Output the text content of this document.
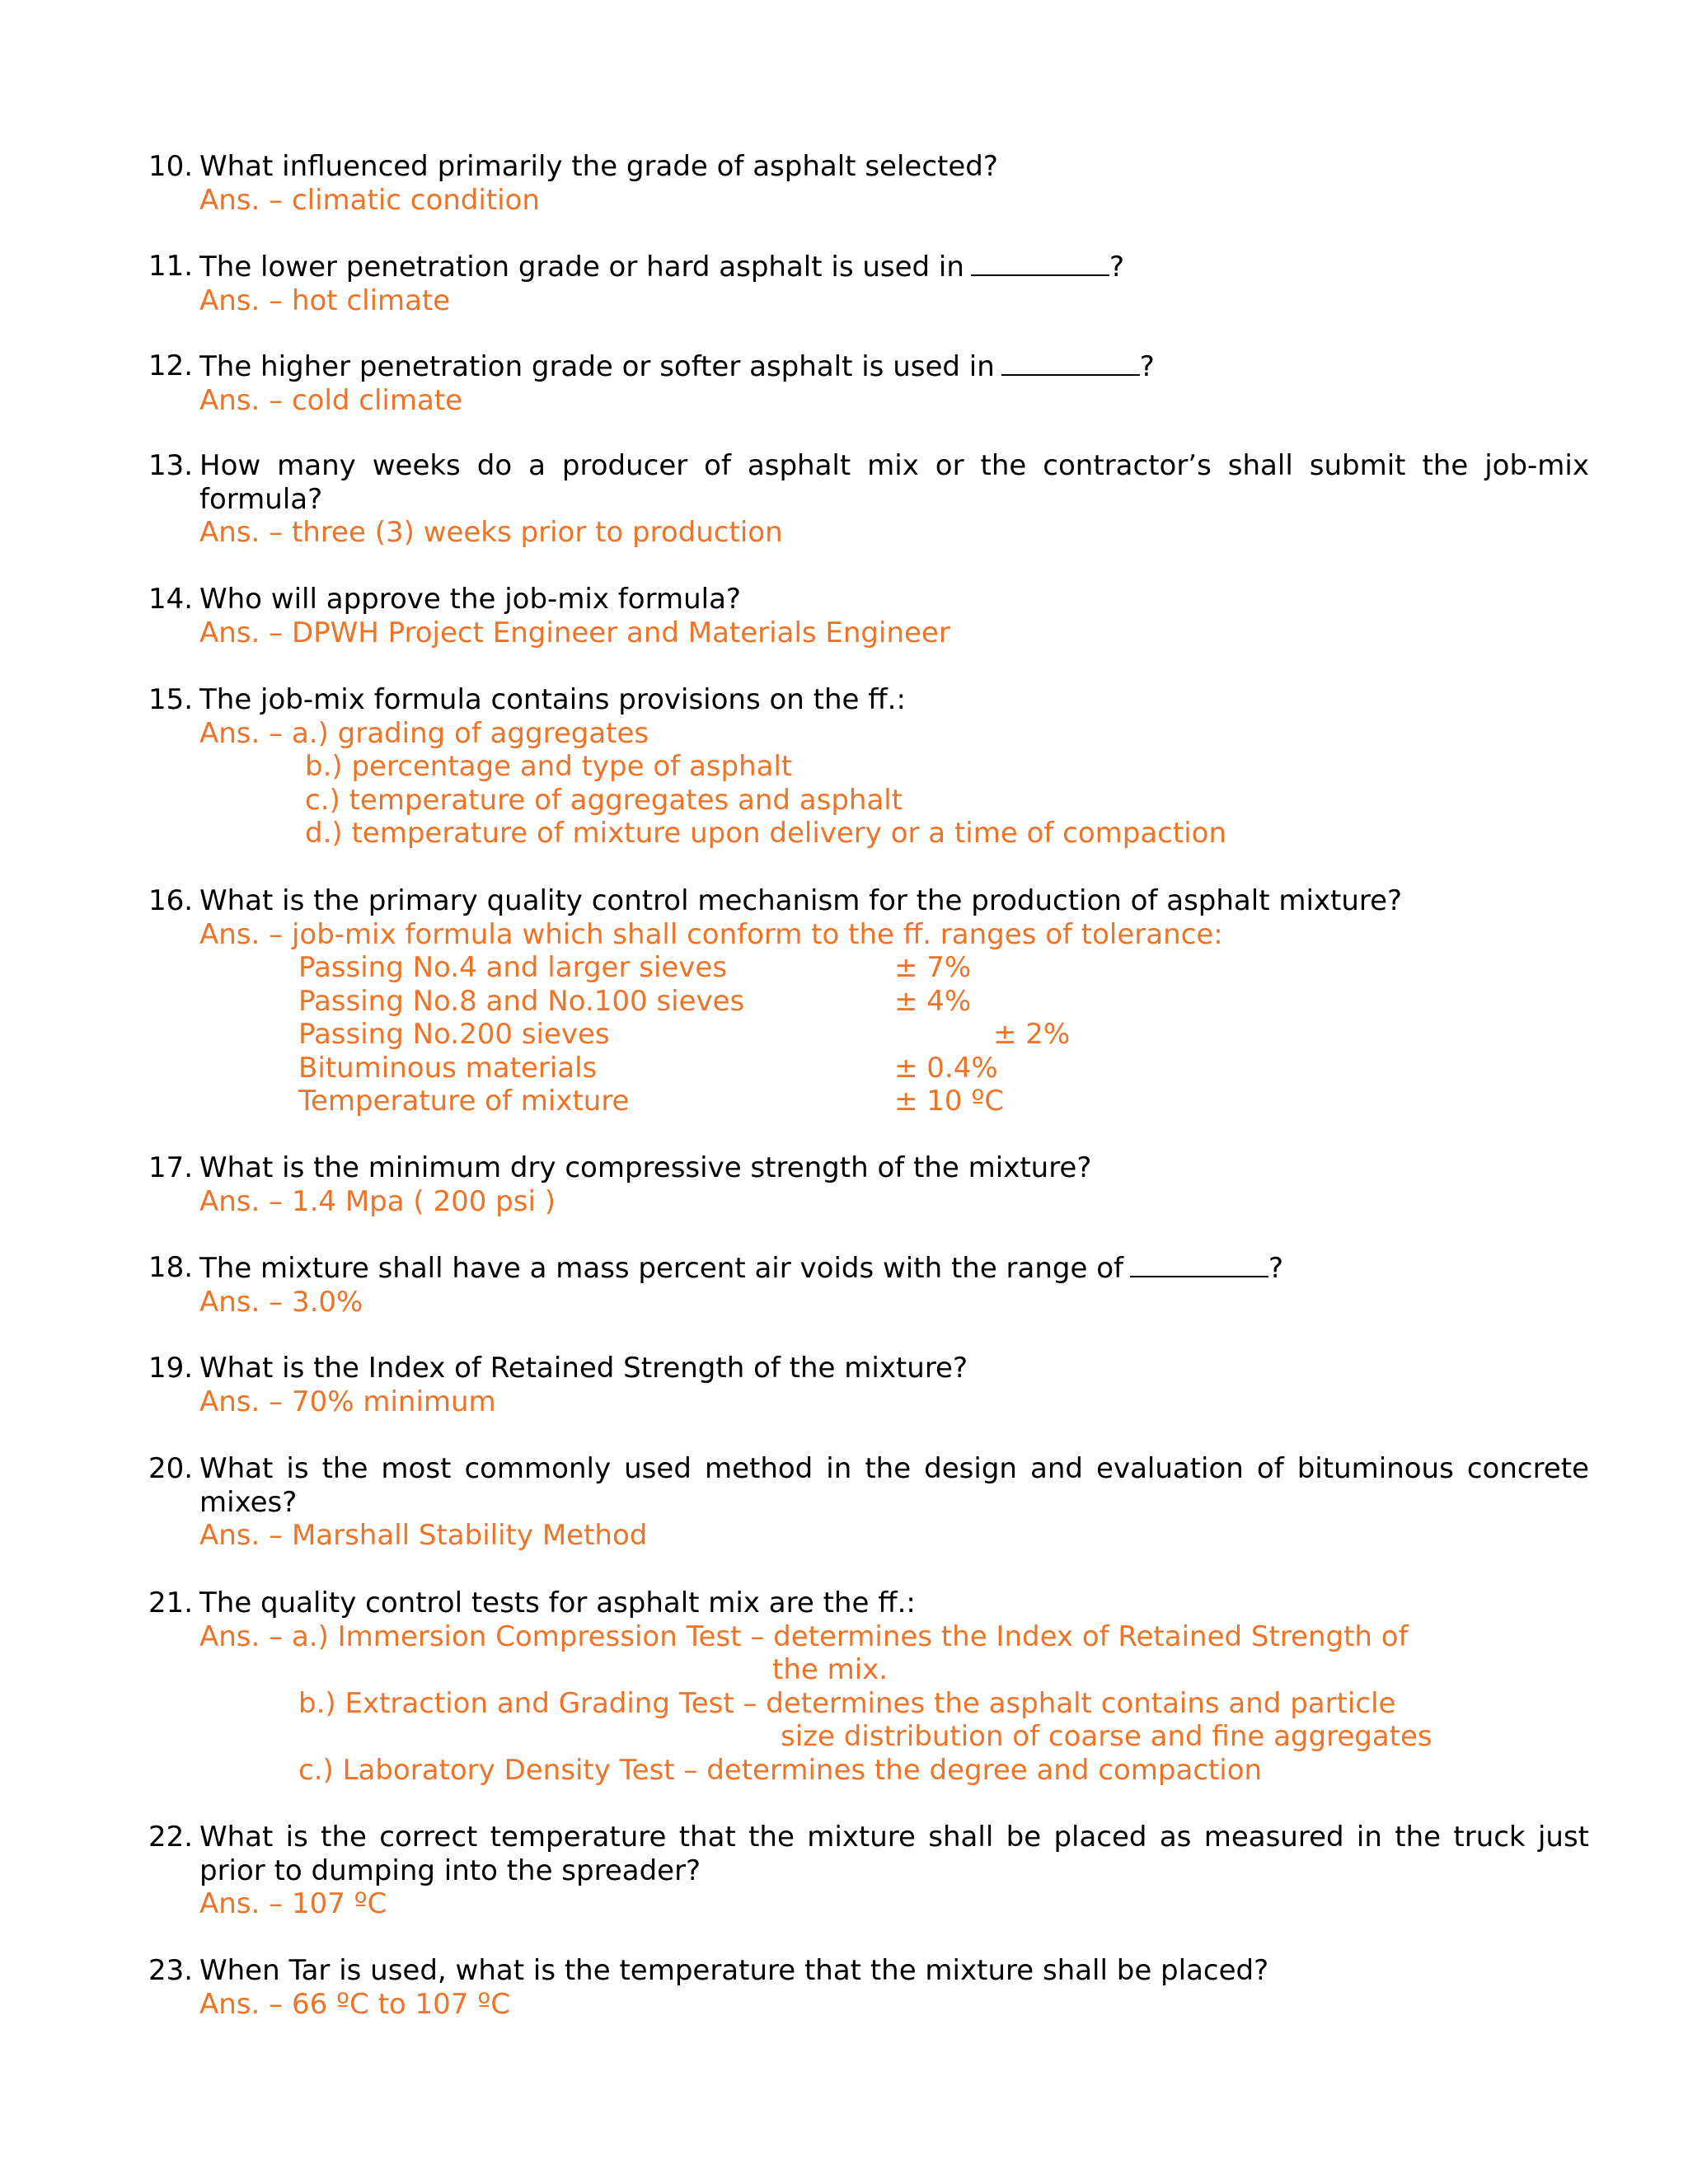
10. What influenced primarily the grade of asphalt selected?
Ans. – climatic condition
11. The lower penetration grade or hard asphalt is used in	?
Ans. – hot climate
12. The higher penetration grade or softer asphalt is used in	?
Ans. – cold climate
13. How many weeks do a producer of asphalt mix or the contractor’s shall submit the job-mix formula?
Ans. – three (3) weeks prior to production
14. Who will approve the job-mix formula?
Ans. – DPWH Project Engineer and Materials Engineer
15. The job-mix formula contains provisions on the ff.:
Ans. – a.) grading of aggregates
b.) percentage and type of asphalt
c.) temperature of aggregates and asphalt
d.) temperature of mixture upon delivery or a time of compaction
16. What is the primary quality control mechanism for the production of asphalt mixture?
Ans. – job-mix formula which shall conform to the ff. ranges of tolerance:
Passing No.4 and larger sieves	± 7%
Passing No.8 and No.100 sieves	± 4%
Passing No.200 sieves	± 2%
Bituminous materials	± 0.4%
Temperature of mixture	± 10 ºC
17. What is the minimum dry compressive strength of the mixture?
Ans. – 1.4 Mpa ( 200 psi )
18. The mixture shall have a mass percent air voids with the range of	?
Ans. – 3.0%
19. What is the Index of Retained Strength of the mixture?
Ans. – 70% minimum
20. What is the most commonly used method in the design and evaluation of bituminous concrete mixes?
Ans. – Marshall Stability Method
21. The quality control tests for asphalt mix are the ff.:
Ans. – a.) Immersion Compression Test – determines the Index of Retained Strength of
the mix.
b.) Extraction and Grading Test – determines the asphalt contains and particle
size distribution of coarse and fine aggregates
c.) Laboratory Density Test – determines the degree and compaction
22. What is the correct temperature that the mixture shall be placed as measured in the truck just prior to dumping into the spreader?
Ans. – 107 ºC
23. When Tar is used, what is the temperature that the mixture shall be placed?
Ans. – 66 ºC to 107 ºC
